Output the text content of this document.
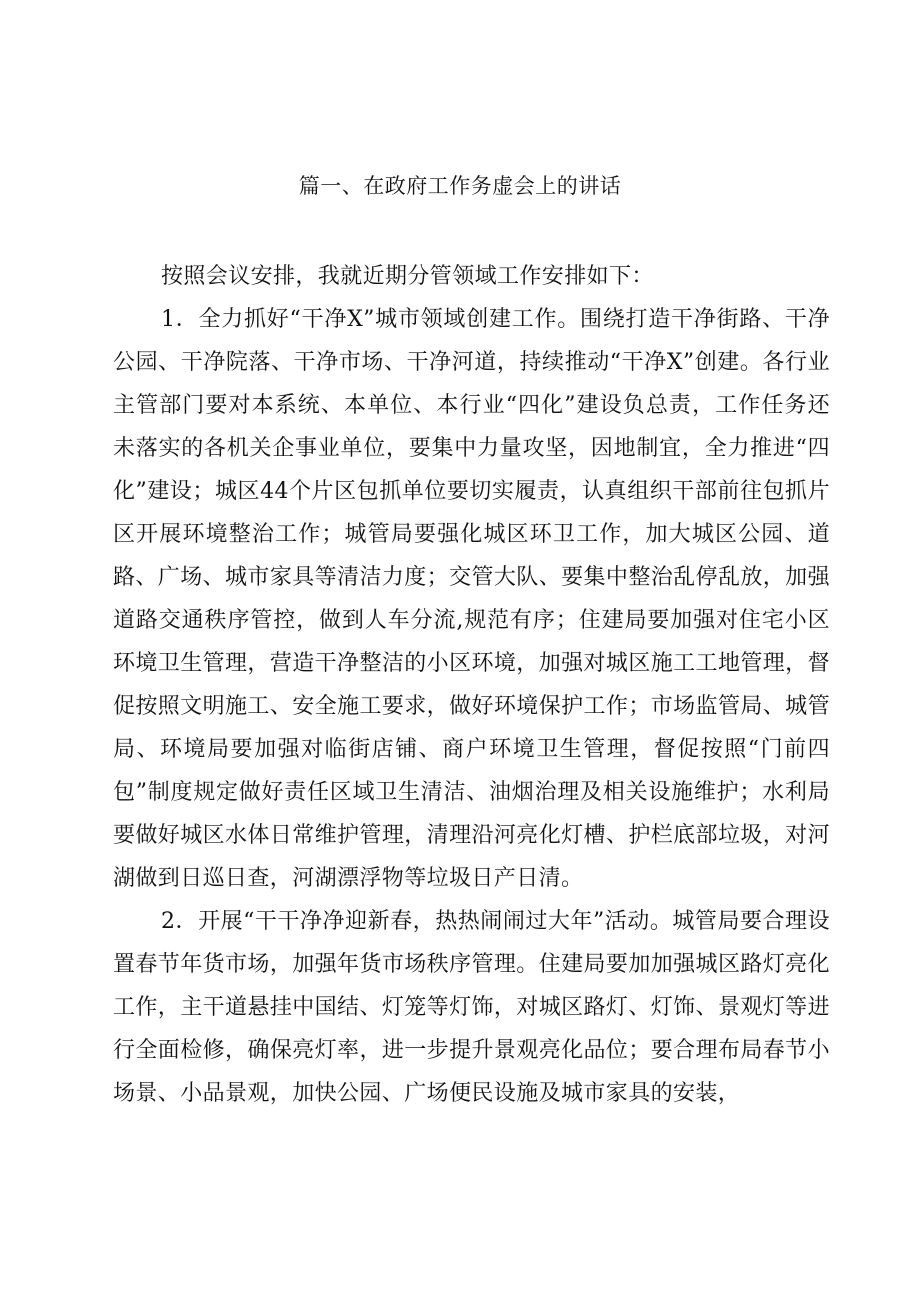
篇一、在政府工作务虚会上的讲话

按照会议安排，我就近期分管领域工作安排如下：

1．全力抓好“干净X”城市领域创建工作。围绕打造干净街路、干净公园、干净院落、干净市场、干净河道，持续推动“干净X”创建。各行业主管部门要对本系统、本单位、本行业“四化”建设负总责，工作任务还未落实的各机关企事业单位，要集中力量攻坚，因地制宜，全力推进“四化”建设；城区44个片区包抓单位要切实履责，认真组织干部前往包抓片区开展环境整治工作；城管局要强化城区环卫工作，加大城区公园、道路、广场、城市家具等清洁力度；交管大队、要集中整治乱停乱放，加强道路交通秩序管控，做到人车分流,规范有序；住建局要加强对住宅小区环境卫生管理，营造干净整洁的小区环境，加强对城区施工工地管理，督促按照文明施工、安全施工要求，做好环境保护工作；市场监管局、城管局、环境局要加强对临街店铺、商户环境卫生管理，督促按照“门前四包”制度规定做好责任区域卫生清洁、油烟治理及相关设施维护；水利局要做好城区水体日常维护管理，清理沿河亮化灯槽、护栏底部垃圾，对河湖做到日巡日查，河湖漂浮物等垃圾日产日清。

2．开展“干干净净迎新春，热热闹闹过大年”活动。城管局要合理设置春节年货市场，加强年货市场秩序管理。住建局要加加强城区路灯亮化工作，主干道悬挂中国结、灯笼等灯饰，对城区路灯、灯饰、景观灯等进行全面检修，确保亮灯率，进一步提升景观亮化品位；要合理布局春节小场景、小品景观，加快公园、广场便民设施及城市家具的安装，
